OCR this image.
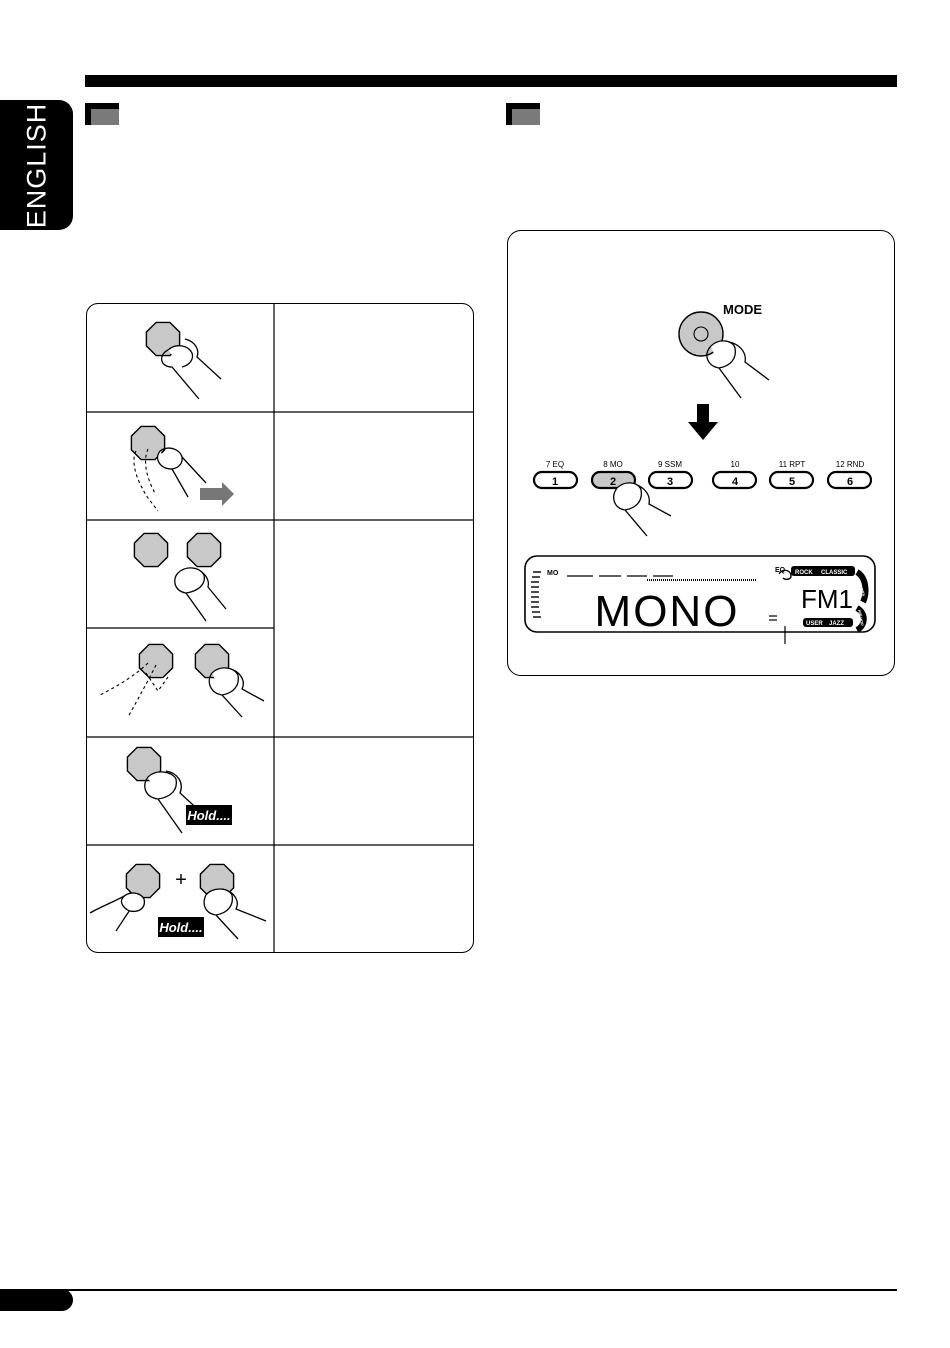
ENGLISH
Hold....
+
Hold....
MODE
7 EQ	8 MO	9 SSM	10	11 RPT	12 RND
1	2	3	4	5	6
MO	EQ ROCK CLASSIC
USER JAZZ
POPS
HIP HOP
MONO FM1
